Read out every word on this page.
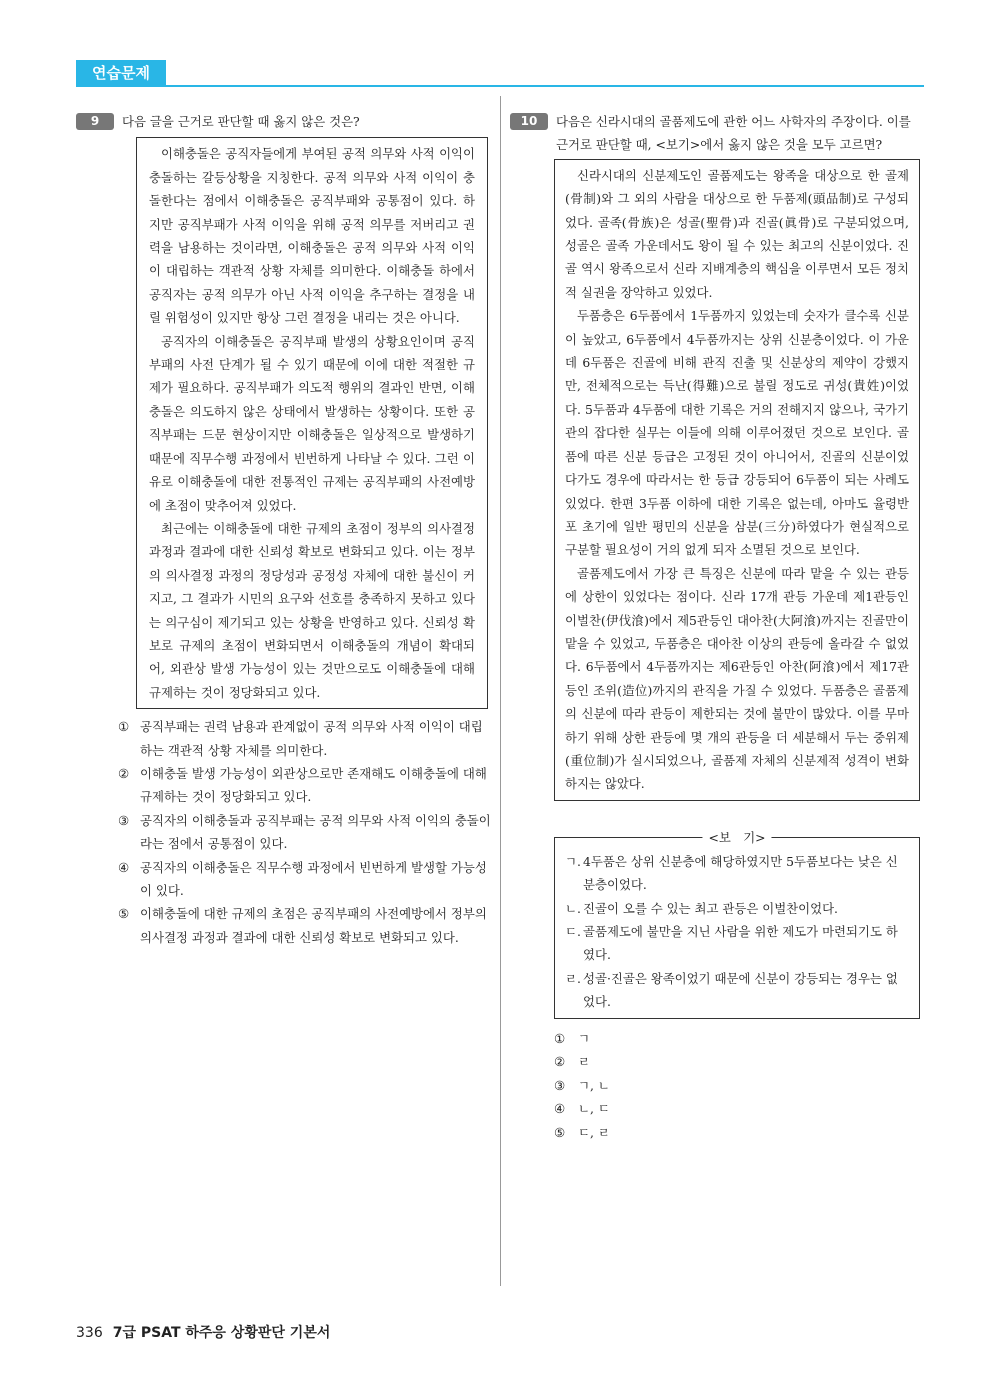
연습문제
9	다음 글을 근거로 판단할 때 옳지 않은 것은?

이해충돌은 공직자들에게 부여된 공적 의무와 사적 이익이 충돌하는 갈등상황을 지칭한다. 공적 의무와 사적 이익이 충돌한다는 점에서 이해충돌은 공직부패와 공통점이 있다. 하지만 공직부패가 사적 이익을 위해 공적 의무를 저버리고 권력을 남용하는 것이라면, 이해충돌은 공적 의무와 사적 이익이 대립하는 객관적 상황 자체를 의미한다. 이해충돌 하에서 공직자는 공적 의무가 아닌 사적 이익을 추구하는 결정을 내릴 위험성이 있지만 항상 그런 결정을 내리는 것은 아니다.

공직자의 이해충돌은 공직부패 발생의 상황요인이며 공직부패의 사전 단계가 될 수 있기 때문에 이에 대한 적절한 규제가 필요하다. 공직부패가 의도적 행위의 결과인 반면, 이해충돌은 의도하지 않은 상태에서 발생하는 상황이다. 또한 공직부패는 드문 현상이지만 이해충돌은 일상적으로 발생하기 때문에 직무수행 과정에서 빈번하게 나타날 수 있다. 그런 이유로 이해충돌에 대한 전통적인 규제는 공직부패의 사전예방에 초점이 맞추어져 있었다.

최근에는 이해충돌에 대한 규제의 초점이 정부의 의사결정 과정과 결과에 대한 신뢰성 확보로 변화되고 있다. 이는 정부의 의사결정 과정의 정당성과 공정성 자체에 대한 불신이 커지고, 그 결과가 시민의 요구와 선호를 충족하지 못하고 있다는 의구심이 제기되고 있는 상황을 반영하고 있다. 신뢰성 확보로 규제의 초점이 변화되면서 이해충돌의 개념이 확대되어, 외관상 발생 가능성이 있는 것만으로도 이해충돌에 대해 규제하는 것이 정당화되고 있다.

① 공직부패는 권력 남용과 관계없이 공적 의무와 사적 이익이 대립하는 객관적 상황 자체를 의미한다.
② 이해충돌 발생 가능성이 외관상으로만 존재해도 이해충돌에 대해 규제하는 것이 정당화되고 있다.
③ 공직자의 이해충돌과 공직부패는 공적 의무와 사적 이익의 충돌이라는 점에서 공통점이 있다.
④ 공직자의 이해충돌은 직무수행 과정에서 빈번하게 발생할 가능성이 있다.
⑤ 이해충돌에 대한 규제의 초점은 공직부패의 사전예방에서 정부의 의사결정 과정과 결과에 대한 신뢰성 확보로 변화되고 있다.
10	다음은 신라시대의 골품제도에 관한 어느 사학자의 주장이다. 이를 근거로 판단할 때, <보기>에서 옳지 않은 것을 모두 고르면?

신라시대의 신분제도인 골품제도는 왕족을 대상으로 한 골제(骨制)와 그 외의 사람을 대상으로 한 두품제(頭品制)로 구성되었다. 골족(骨族)은 성골(聖骨)과 진골(眞骨)로 구분되었으며, 성골은 골족 가운데서도 왕이 될 수 있는 최고의 신분이었다. 진골 역시 왕족으로서 신라 지배계층의 핵심을 이루면서 모든 정치적 실권을 장악하고 있었다.

두품층은 6두품에서 1두품까지 있었는데 숫자가 클수록 신분이 높았고, 6두품에서 4두품까지는 상위 신분층이었다. 이 가운데 6두품은 진골에 비해 관직 진출 및 신분상의 제약이 강했지만, 전체적으로는 득난(得難)으로 불릴 정도로 귀성(貴姓)이었다. 5두품과 4두품에 대한 기록은 거의 전해지지 않으나, 국가기관의 잡다한 실무는 이들에 의해 이루어졌던 것으로 보인다. 골품에 따른 신분 등급은 고정된 것이 아니어서, 진골의 신분이었다가도 경우에 따라서는 한 등급 강등되어 6두품이 되는 사례도 있었다. 한편 3두품 이하에 대한 기록은 없는데, 아마도 율령반포 초기에 일반 평민의 신분을 삼분(三分)하였다가 현실적으로 구분할 필요성이 거의 없게 되자 소멸된 것으로 보인다.

골품제도에서 가장 큰 특징은 신분에 따라 맡을 수 있는 관등에 상한이 있었다는 점이다. 신라 17개 관등 가운데 제1관등인 이벌찬(伊伐湌)에서 제5관등인 대아찬(大阿湌)까지는 진골만이 맡을 수 있었고, 두품층은 대아찬 이상의 관등에 올라갈 수 없었다. 6두품에서 4두품까지는 제6관등인 아찬(阿湌)에서 제17관등인 조위(造位)까지의 관직을 가질 수 있었다. 두품층은 골품제의 신분에 따라 관등이 제한되는 것에 불만이 많았다. 이를 무마하기 위해 상한 관등에 몇 개의 관등을 더 세분해서 두는 중위제(重位制)가 실시되었으나, 골품제 자체의 신분제적 성격이 변화하지는 않았다.

<보　기>
ㄱ. 4두품은 상위 신분층에 해당하였지만 5두품보다는 낮은 신분층이었다.
ㄴ. 진골이 오를 수 있는 최고 관등은 이벌찬이었다.
ㄷ. 골품제도에 불만을 지닌 사람을 위한 제도가 마련되기도 하였다.
ㄹ. 성골·진골은 왕족이었기 때문에 신분이 강등되는 경우는 없었다.
①	ㄱ
②	ㄹ
③	ㄱ, ㄴ
④	ㄴ, ㄷ
⑤	ㄷ, ㄹ
336 7급 PSAT 하주응 상황판단 기본서
